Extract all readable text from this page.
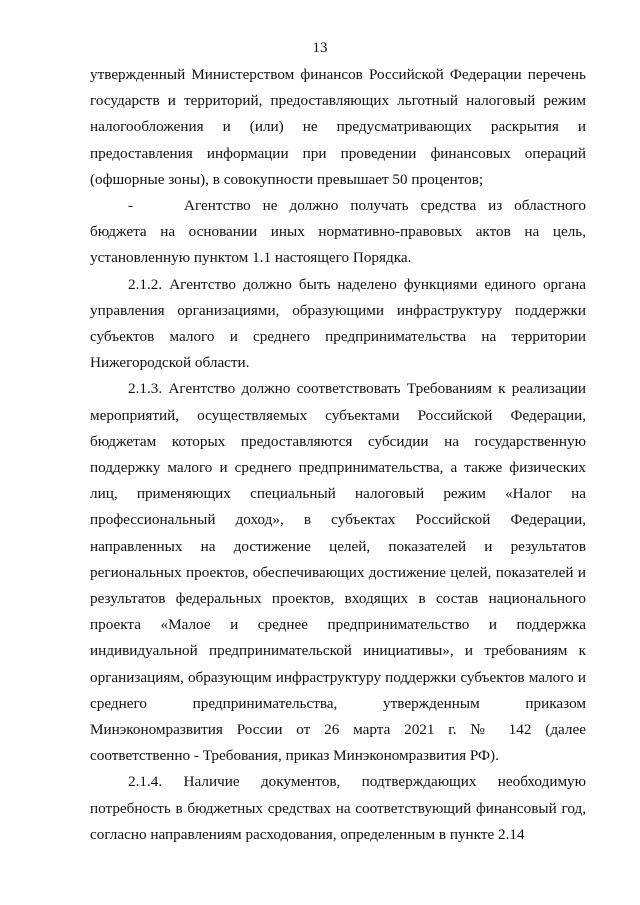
13

утвержденный Министерством финансов Российской Федерации перечень государств и территорий, предоставляющих льготный налоговый режим налогообложения и (или) не предусматривающих раскрытия и предоставления информации при проведении финансовых операций (офшорные зоны), в совокупности превышает 50 процентов;

-	Агентство не должно получать средства из областного бюджета на основании иных нормативно-правовых актов на цель, установленную пунктом 1.1 настоящего Порядка.

2.1.2. Агентство должно быть наделено функциями единого органа управления организациями, образующими инфраструктуру поддержки субъектов малого и среднего предпринимательства на территории Нижегородской области.

2.1.3. Агентство должно соответствовать Требованиям к реализации мероприятий, осуществляемых субъектами Российской Федерации, бюджетам которых предоставляются субсидии на государственную поддержку малого и среднего предпринимательства, а также физических лиц, применяющих специальный налоговый режим «Налог на профессиональный доход», в субъектах Российской Федерации, направленных на достижение целей, показателей и результатов региональных проектов, обеспечивающих достижение целей, показателей и результатов федеральных проектов, входящих в состав национального проекта «Малое и среднее предпринимательство и поддержка индивидуальной предпринимательской инициативы», и требованиям к организациям, образующим инфраструктуру поддержки субъектов малого и среднего предпринимательства, утвержденным приказом Минэкономразвития России от 26 марта 2021 г. № 142 (далее соответственно - Требования, приказ Минэкономразвития РФ).

2.1.4. Наличие документов, подтверждающих необходимую потребность в бюджетных средствах на соответствующий финансовый год, согласно направлениям расходования, определенным в пункте 2.14
